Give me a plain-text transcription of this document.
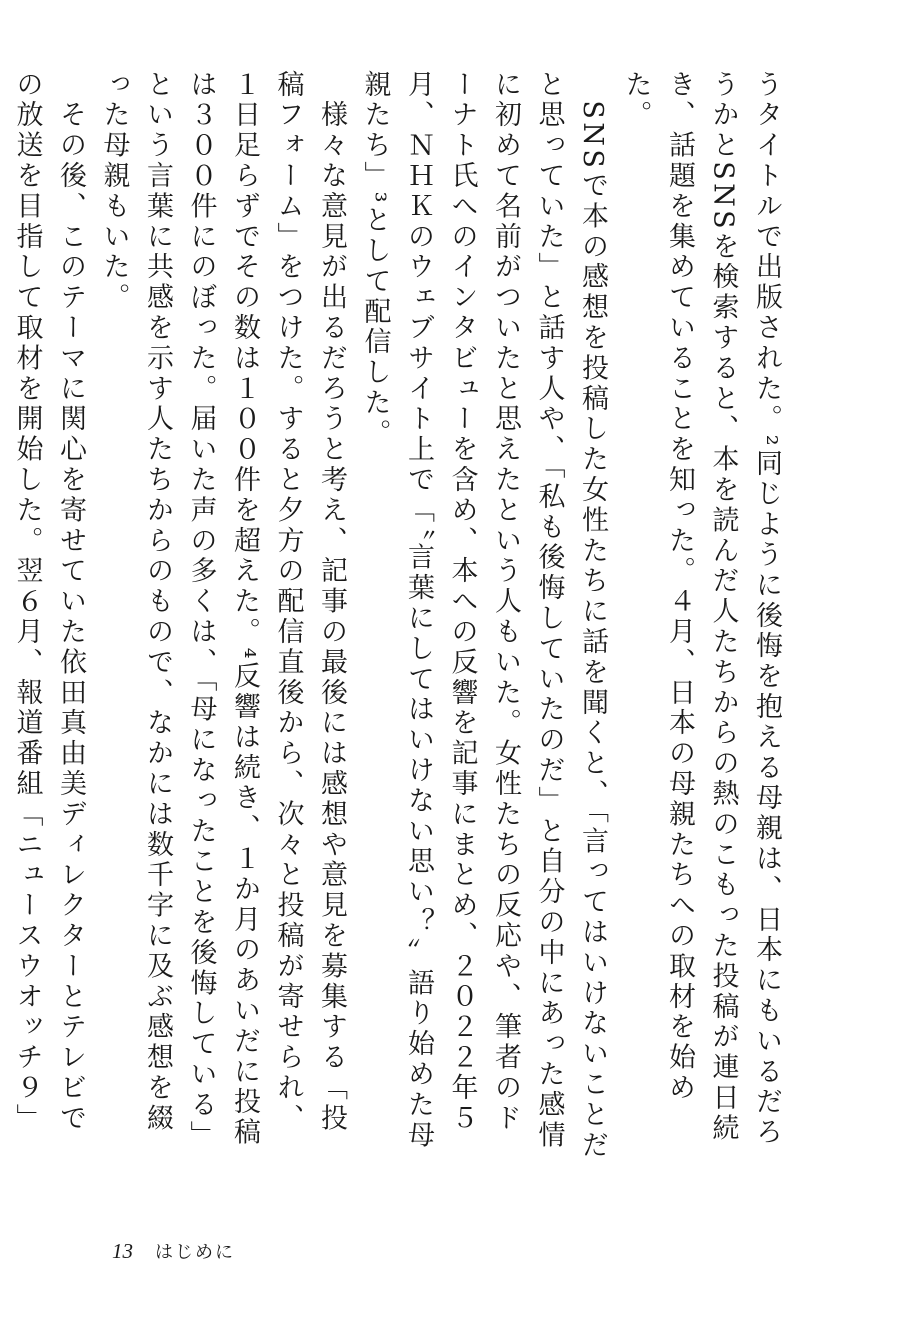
うタイトルで出版された。²同じように後悔を抱える母親は、日本にもいるだろうかとSNSを検索すると、本を読んだ人たちからの熱のこもった投稿が連日続き、話題を集めていることを知った。４月、日本の母親たちへの取材を始めた。

　SNSで本の感想を投稿した女性たちに話を聞くと、「言ってはいけないことだと思っていた」と話す人や、「私も後悔していたのだ」と自分の中にあった感情に初めて名前がついたと思えたという人もいた。女性たちの反応や、筆者のドーナト氏へのインタビューを含め、本への反響を記事にまとめ、２０２２年５月、ＮＨＫのウェブサイト上で「〝言葉にしてはいけない思い？〟語り始めた母親たち」³として配信した。

　様々な意見が出るだろうと考え、記事の最後には感想や意見を募集する「投稿フォーム」をつけた。すると夕方の配信直後から、次々と投稿が寄せられ、１日足らずでその数は１００件を超えた。⁴反響は続き、１か月のあいだに投稿は３００件にのぼった。届いた声の多くは、「母になったことを後悔している」という言葉に共感を示す人たちからのもので、なかには数千字に及ぶ感想を綴った母親もいた。

　その後、このテーマに関心を寄せていた依田真由美ディレクターとテレビでの放送を目指して取材を開始した。翌６月、報道番組「ニュースウオッチ９」

13 はじめに
